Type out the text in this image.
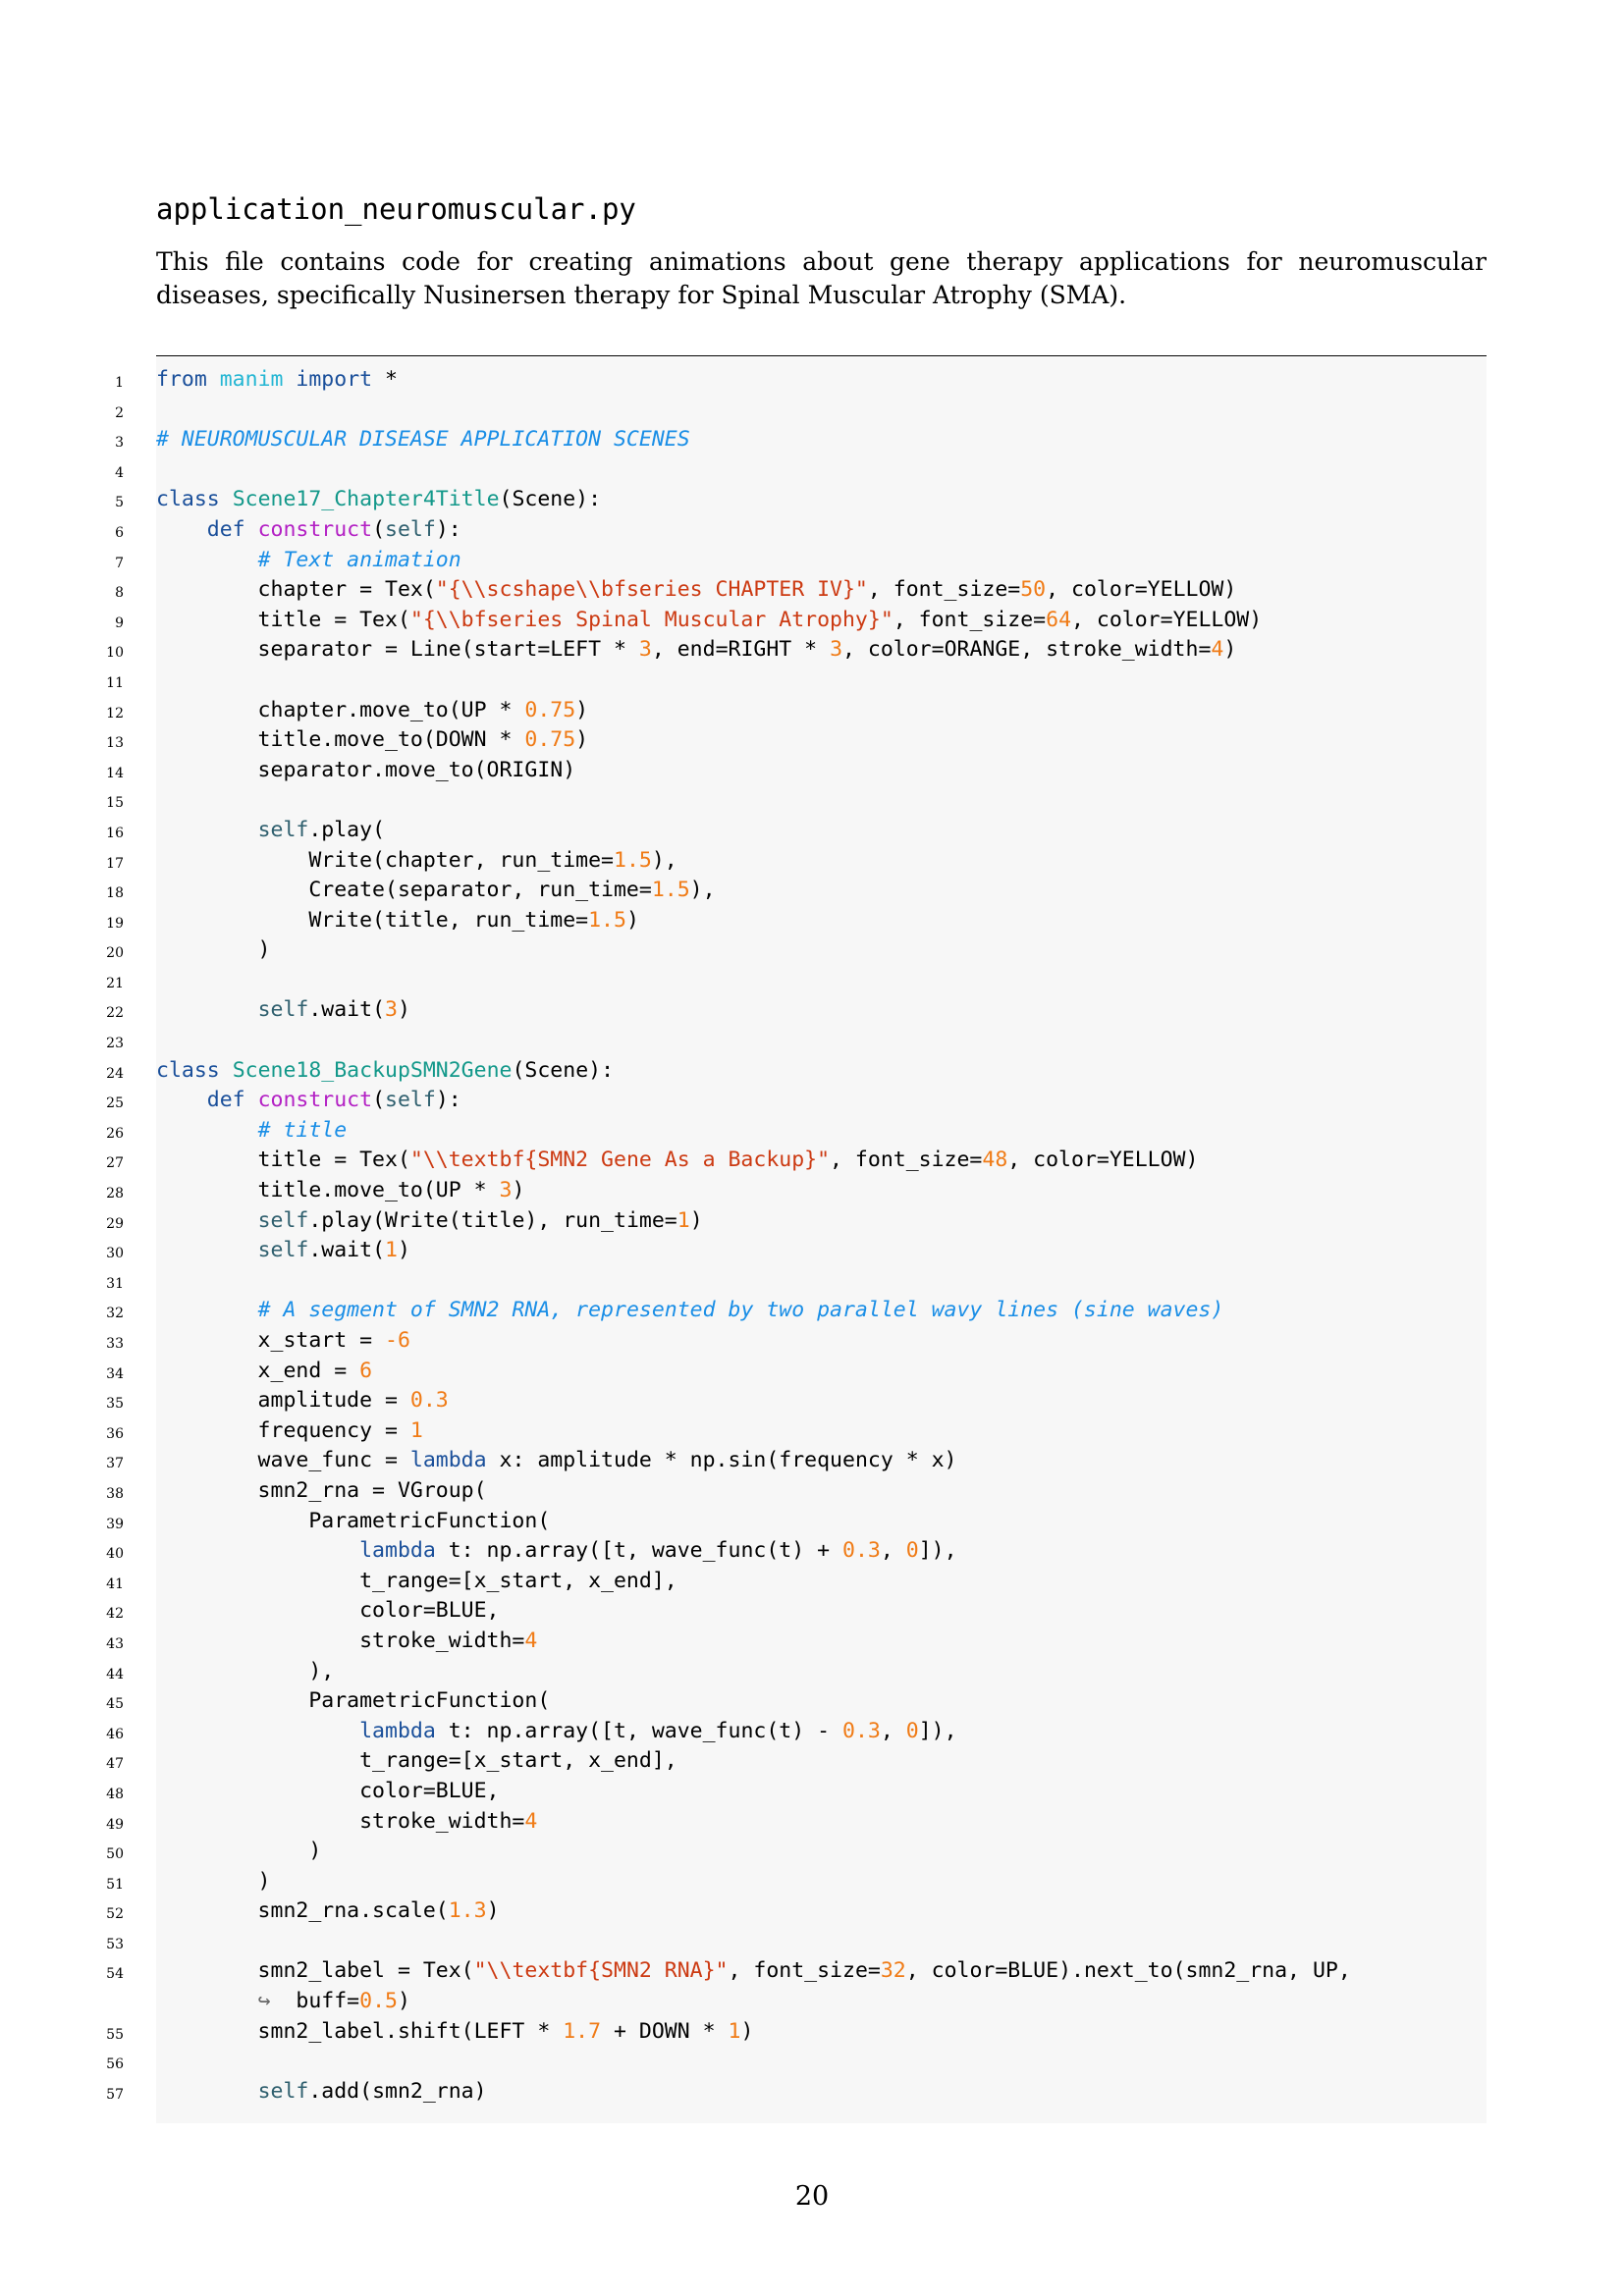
application_neuromuscular.py
This file contains code for creating animations about gene therapy applications for neuromuscular diseases, specifically Nusinersen therapy for Spinal Muscular Atrophy (SMA).
1 from manim import *
2
3 # NEUROMUSCULAR DISEASE APPLICATION SCENES
4
5 class Scene17_Chapter4Title(Scene):
6	def construct(self):
7	# Text animation
8 chapter = Tex("{\\scshape\\bfseries CHAPTER IV}", font_size=50, color=YELLOW)
9 title = Tex("{\\bfseries Spinal Muscular Atrophy}", font_size=64, color=YELLOW)
10 separator = Line(start=LEFT * 3, end=RIGHT * 3, color=ORANGE, stroke_width=4)
11
12 chapter.move_to(UP * 0.75)
13 title.move_to(DOWN * 0.75)
14 separator.move_to(ORIGIN)
15
16	self.play(
17 Write(chapter, run_time=1.5),
18 Create(separator, run_time=1.5),
19 Write(title, run_time=1.5)
20 )
21
22	self.wait(3)
23
24 class Scene18_BackupSMN2Gene(Scene):
25	def construct(self):
26	# title
27 title = Tex("\\textbf{SMN2 Gene As a Backup}", font_size=48, color=YELLOW)
28 title.move_to(UP * 3)
29	self.play(Write(title), run_time=1)
30	self.wait(1)
31
32	# A segment of SMN2 RNA, represented by two parallel wavy lines (sine waves)
33 x_start = -6
34 x_end = 6
35 amplitude = 0.3
36 frequency = 1
37 wave_func = lambda x: amplitude * np.sin(frequency * x)
38 smn2_rna = VGroup(
39 ParametricFunction(
40	lambda t: np.array([t, wave_func(t) + 0.3, 0]),
41 t_range=[x_start, x_end],
42 color=BLUE,
43 stroke_width=4
44 ),
45 ParametricFunction(
46	lambda t: np.array([t, wave_func(t) - 0.3, 0]),
47 t_range=[x_start, x_end],
48 color=BLUE,
49 stroke_width=4
50 )
51 )
52 smn2_rna.scale(1.3)
53
54 smn2_label = Tex("\\textbf{SMN2 RNA}", font_size=32, color=BLUE).next_to(smn2_rna, UP,
↪  buff=0.5)
55 smn2_label.shift(LEFT * 1.7 + DOWN * 1)
56
57	self.add(smn2_rna)
20
